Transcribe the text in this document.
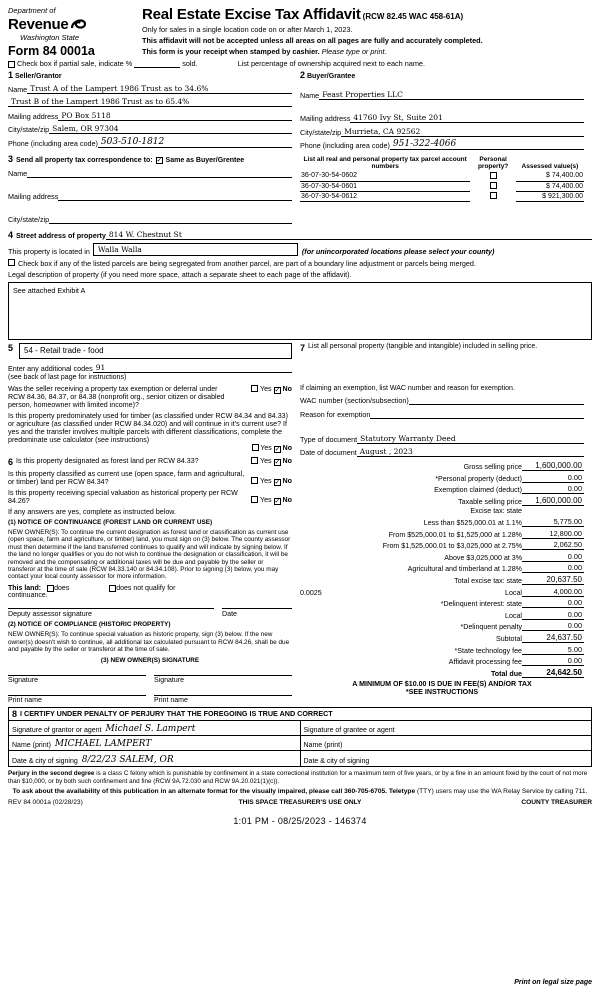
Department of
Revenue
Washington State
Form 84 0001a
Real Estate Excise Tax Affidavit (RCW 82.45 WAC 458-61A)
Only for sales in a single location code on or after March 1, 2023.
This affidavit will not be accepted unless all areas on all pages are fully and accurately completed.
This form is your receipt when stamped by cashier. Please type or print.
Check box if partial sale, indicate %	sold.	List percentage of ownership acquired next to each name.
1 Seller/Grantor
Name Trust A of the Lampert 1986 Trust as to 34.6%
Trust B of the Lampert 1986 Trust as to 65.4%
Mailing address PO Box 5118
City/state/zip Salem, OR 97304
Phone (including area code) 503-510-1812
2 Buyer/Grantee
Name Feast Properties LLC
Mailing address 41760 Ivy St, Suite 201
City/state/zip Murrieta, CA 92562
Phone (including area code) 951-322-4066
3 Send all property tax correspondence to: ✓ Same as Buyer/Grentee
Name
Mailing address
City/state/zip
List all real and personal property tax parcel account numbers	Personal property?	Assessed value(s)
36-07-30-54-0602		$ 74,400.00
36-07-30-54-0601		$ 74,400.00
36-07-30-54-0612		$ 921,300.00
4 Street address of property 814 W. Chestnut St
This property is located in Walla Walla	(for unincorporated locations please select your county)
Check box if any of the listed parcels are being segregated from another parcel, are part of a boundary line adjustment or parcels being merged.
Legal description of property (if you need more space, attach a separate sheet to each page of the affidavit).
See attached Exhibit A
5	54 - Retail trade - food
Enter any additional codes 91
(see back of last page for instructions)
Was the seller receiving a property tax exemption or deferral under RCW 84.36, 84.37, or 84.38 (nonprofit org., senior citizen or disabled person, homeowner with limited income)?
Yes ✓ No
Is this property predominately used for timber (as classified under RCW 84.34 and 84.33) or agriculture (as classified under RCW 84.34.020) and will continue in it's current use? If yes and the transfer involves multiple parcels with different classifications, complete the predominate use calculator (see instructions)
Yes ✓ No
6 Is this property designated as forest land per RCW 84.33?	Yes ✓ No
Is this property classified as current use (open space, farm and agricultural, or timber) land per RCW 84.34?	Yes ✓ No
Is this property receiving special valuation as historical property per RCW 84.26?	Yes ✓ No
If any answers are yes, complete as instructed below.
(1) NOTICE OF CONTINUANCE (FOREST LAND OR CURRENT USE)
NEW OWNER(S): To continue the current designation as forest land or classification as current use (open space, farm and agriculture, or timber) land, you must sign on (3) below. The county assessor must then determine if the land transferred continues to qualify and will indicate by signing below. If the land no longer qualifies or you do not wish to continue the designation or classification, it will be removed and the compensating or additional taxes will be due and payable by the seller or transferor at the time of sale (RCW 84.33.140 or 84.34.108). Prior to signing (3) below, you may contact your local county assessor for more information.
This land: does	does not qualify for
continuance.
Deputy assessor signature	Date
(2) NOTICE OF COMPLIANCE (HISTORIC PROPERTY)
NEW OWNER(S): To continue special valuation as historic property, sign (3) below. If the new owner(s) doesn't wish to continue, all additional tax calculated pursuant to RCW 84.26, shall be due and payable by the seller or transferor at the time of sale.
(3) NEW OWNER(S) SIGNATURE
Signature	Signature
Print name	Print name
7 List all personal property (tangible and intangible) included in selling price.
If claiming an exemption, list WAC number and reason for exemption.
WAC number (section/subsection)
Reason for exemption
Type of document Statutory Warranty Deed
Date of document August , 2023
Gross selling price	1,600,000.00
*Personal property (deduct)	0.00
Exemption claimed (deduct)	0.00
Taxable selling price	1,600,000.00
Excise tax: state
Less than $525,000.01 at 1.1%	5,775.00
From $525,000.01 to $1,525,000 at 1.28%	12,800.00
From $1,525,000.01 to $3,025,000 at 2.75%	2,062.50
Above $3,025,000 at 3%	0.00
Agricultural and timberland at 1.28%	0.00
Total excise tax: state	20,637.50
0.0025	Local	4,000.00
*Delinquent interest: state	0.00
Local	0.00
*Delinquent penalty	0.00
Subtotal	24,637.50
*State technology fee	5.00
Affidavit processing fee	0.00
Total due	24,642.50
A MINIMUM OF $10.00 IS DUE IN FEE(S) AND/OR TAX
*SEE INSTRUCTIONS
8 I CERTIFY UNDER PENALTY OF PERJURY THAT THE FOREGOING IS TRUE AND CORRECT
Signature of grantor or agent Michael S. Lampert
Name (print) MICHAEL LAMPERT
Date & city of signing 8/22/23 SALEM, OR
Signature of grantee or agent
Name (print)
Date & city of signing
Perjury in the second degree is a class C felony which is punishable by confinement in a state correctional institution for a maximum term of five years, or by a fine in an amount fixed by the court of not more than $10,000, or by both such confinement and fine (RCW 9A.72.030 and RCW 9A.20.021(1)(c)).
To ask about the availability of this publication in an alternate format for the visually impaired, please call 360-705-6705. Teletype (TTY) users may use the WA Relay Service by calling 711.
REV 84 0001a (02/28/23)	THIS SPACE TREASURER'S USE ONLY	COUNTY TREASURER
1:01 PM - 08/25/2023 - 146374
Print on legal size page
